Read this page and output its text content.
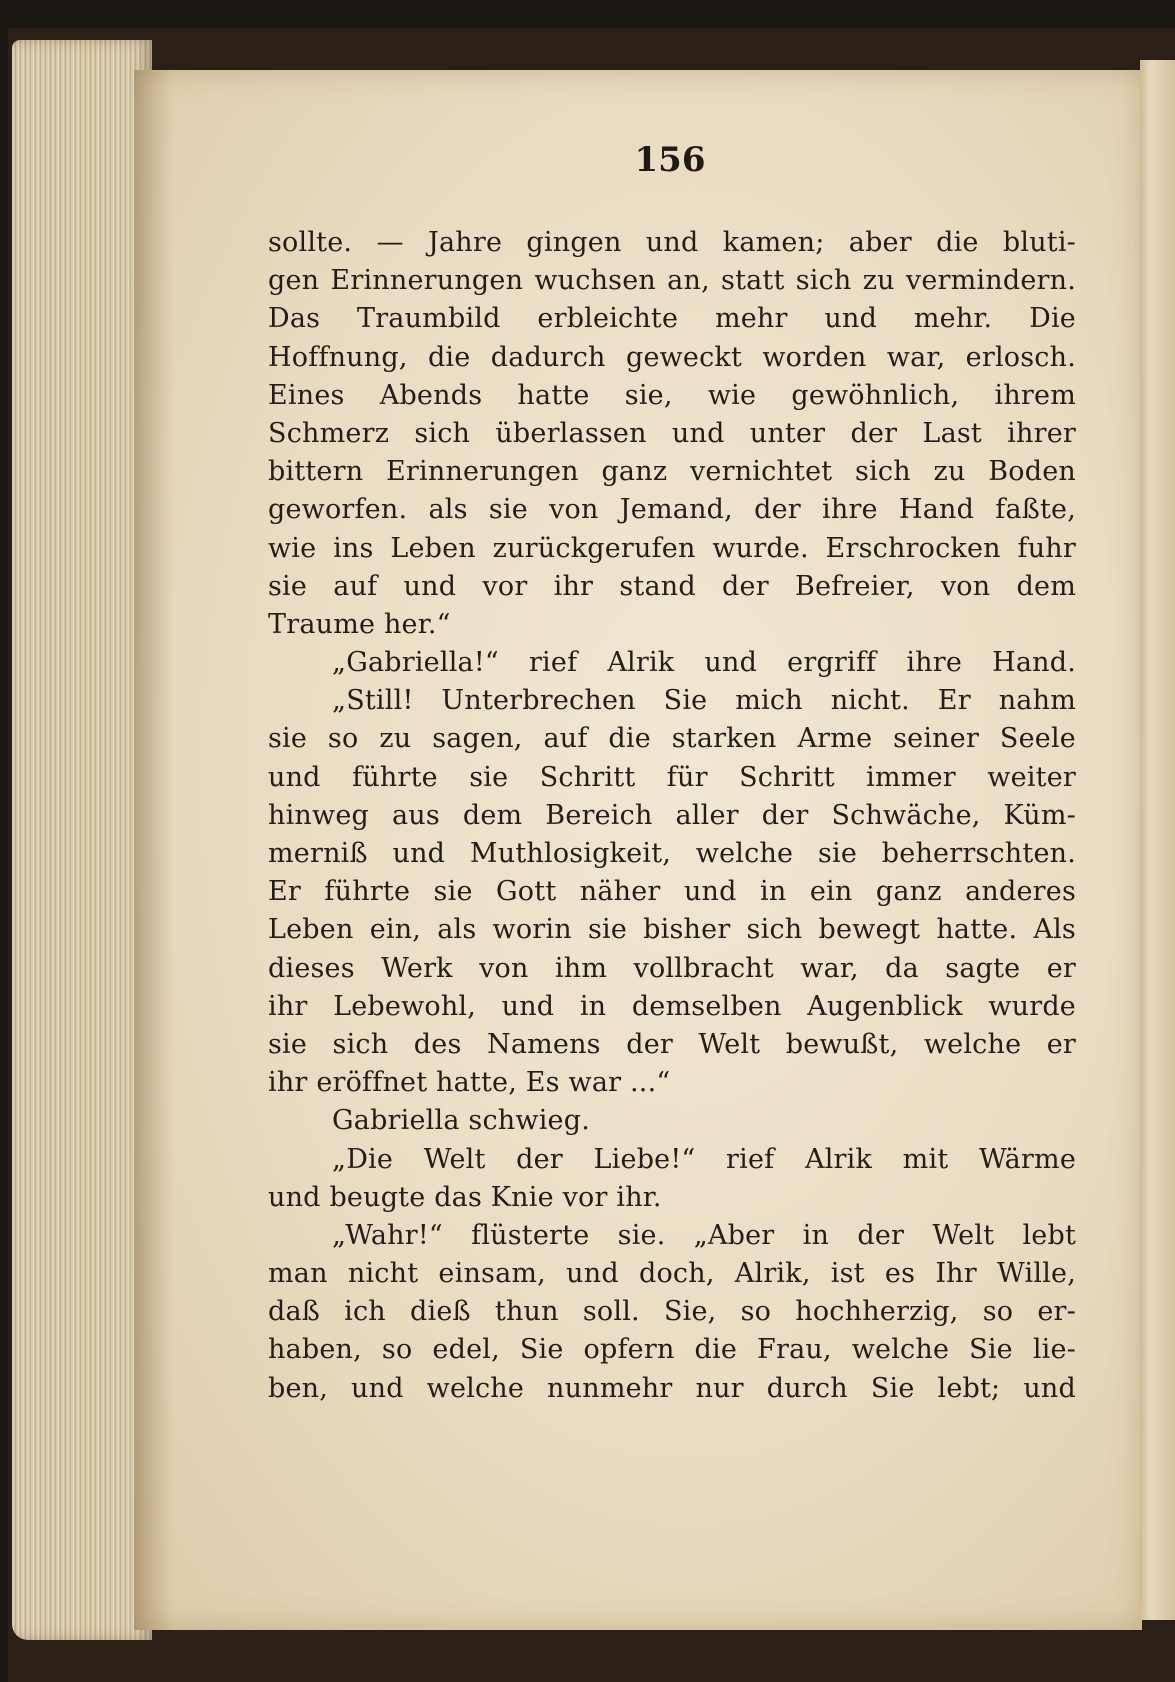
156
sollte. — Jahre gingen und kamen; aber die bluti-
gen Erinnerungen wuchsen an, statt sich zu vermindern.
Das Traumbild erbleichte mehr und mehr. Die
Hoffnung, die dadurch geweckt worden war, erlosch.
Eines Abends hatte sie, wie gewöhnlich, ihrem
Schmerz sich überlassen und unter der Last ihrer
bittern Erinnerungen ganz vernichtet sich zu Boden
geworfen. als sie von Jemand, der ihre Hand faßte,
wie ins Leben zurückgerufen wurde. Erschrocken fuhr
sie auf und vor ihr stand der Befreier, von dem
Traume her.“
„Gabriella!“ rief Alrik und ergriff ihre Hand.
„Still! Unterbrechen Sie mich nicht. Er nahm
sie so zu sagen, auf die starken Arme seiner Seele
und führte sie Schritt für Schritt immer weiter
hinweg aus dem Bereich aller der Schwäche, Küm-
merniß und Muthlosigkeit, welche sie beherrschten.
Er führte sie Gott näher und in ein ganz anderes
Leben ein, als worin sie bisher sich bewegt hatte. Als
dieses Werk von ihm vollbracht war, da sagte er
ihr Lebewohl, und in demselben Augenblick wurde
sie sich des Namens der Welt bewußt, welche er
ihr eröffnet hatte, Es war ...“
Gabriella schwieg.
„Die Welt der Liebe!“ rief Alrik mit Wärme
und beugte das Knie vor ihr.
„Wahr!“ flüsterte sie. „Aber in der Welt lebt
man nicht einsam, und doch, Alrik, ist es Ihr Wille,
daß ich dieß thun soll. Sie, so hochherzig, so er-
haben, so edel, Sie opfern die Frau, welche Sie lie-
ben, und welche nunmehr nur durch Sie lebt; und
